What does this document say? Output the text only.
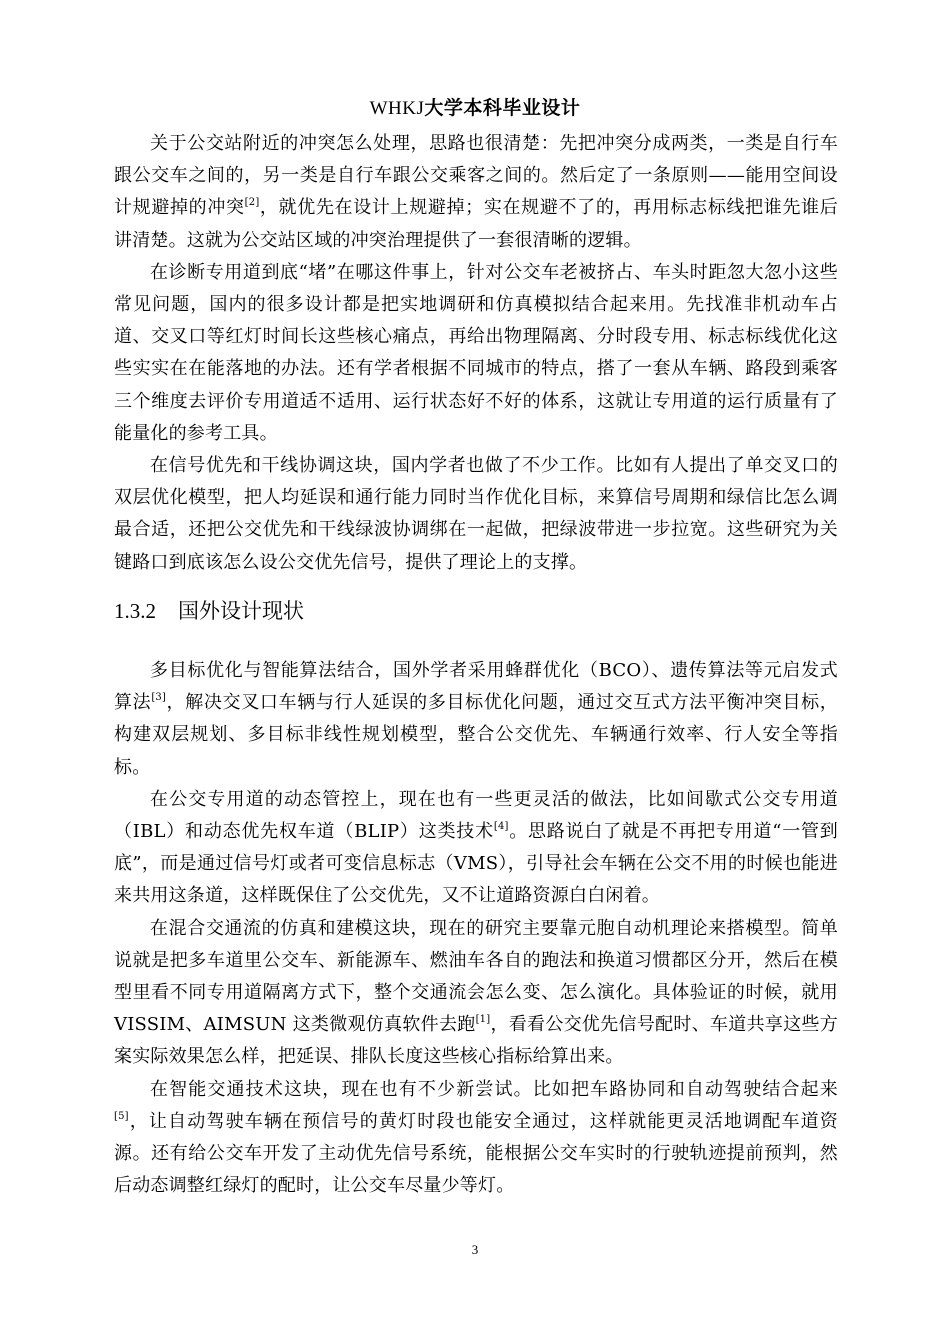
WHKJ大学本科毕业设计

关于公交站附近的冲突怎么处理，思路也很清楚：先把冲突分成两类，一类是自行车跟公交车之间的，另一类是自行车跟公交乘客之间的。然后定了一条原则——能用空间设计规避掉的冲突[2]，就优先在设计上规避掉；实在规避不了的，再用标志标线把谁先谁后讲清楚。这就为公交站区域的冲突治理提供了一套很清晰的逻辑。

在诊断专用道到底“堵”在哪这件事上，针对公交车老被挤占、车头时距忽大忽小这些常见问题，国内的很多设计都是把实地调研和仿真模拟结合起来用。先找准非机动车占道、交叉口等红灯时间长这些核心痛点，再给出物理隔离、分时段专用、标志标线优化这些实实在在能落地的办法。还有学者根据不同城市的特点，搭了一套从车辆、路段到乘客三个维度去评价专用道适不适用、运行状态好不好的体系，这就让专用道的运行质量有了能量化的参考工具。

在信号优先和干线协调这块，国内学者也做了不少工作。比如有人提出了单交叉口的双层优化模型，把人均延误和通行能力同时当作优化目标，来算信号周期和绿信比怎么调最合适，还把公交优先和干线绿波协调绑在一起做，把绿波带进一步拉宽。这些研究为关键路口到底该怎么设公交优先信号，提供了理论上的支撑。

1.3.2 国外设计现状

多目标优化与智能算法结合，国外学者采用蜂群优化（BCO）、遗传算法等元启发式算法[3]，解决交叉口车辆与行人延误的多目标优化问题，通过交互式方法平衡冲突目标，构建双层规划、多目标非线性规划模型，整合公交优先、车辆通行效率、行人安全等指标。

在公交专用道的动态管控上，现在也有一些更灵活的做法，比如间歇式公交专用道（IBL）和动态优先权车道（BLIP）这类技术[4]。思路说白了就是不再把专用道“一管到底”，而是通过信号灯或者可变信息标志（VMS），引导社会车辆在公交不用的时候也能进来共用这条道，这样既保住了公交优先，又不让道路资源白白闲着。

在混合交通流的仿真和建模这块，现在的研究主要靠元胞自动机理论来搭模型。简单说就是把多车道里公交车、新能源车、燃油车各自的跑法和换道习惯都区分开，然后在模型里看不同专用道隔离方式下，整个交通流会怎么变、怎么演化。具体验证的时候，就用 VISSIM、AIMSUN 这类微观仿真软件去跑[1]，看看公交优先信号配时、车道共享这些方案实际效果怎么样，把延误、排队长度这些核心指标给算出来。

在智能交通技术这块，现在也有不少新尝试。比如把车路协同和自动驾驶结合起来[5]，让自动驾驶车辆在预信号的黄灯时段也能安全通过，这样就能更灵活地调配车道资源。还有给公交车开发了主动优先信号系统，能根据公交车实时的行驶轨迹提前预判，然后动态调整红绿灯的配时，让公交车尽量少等灯。

3
